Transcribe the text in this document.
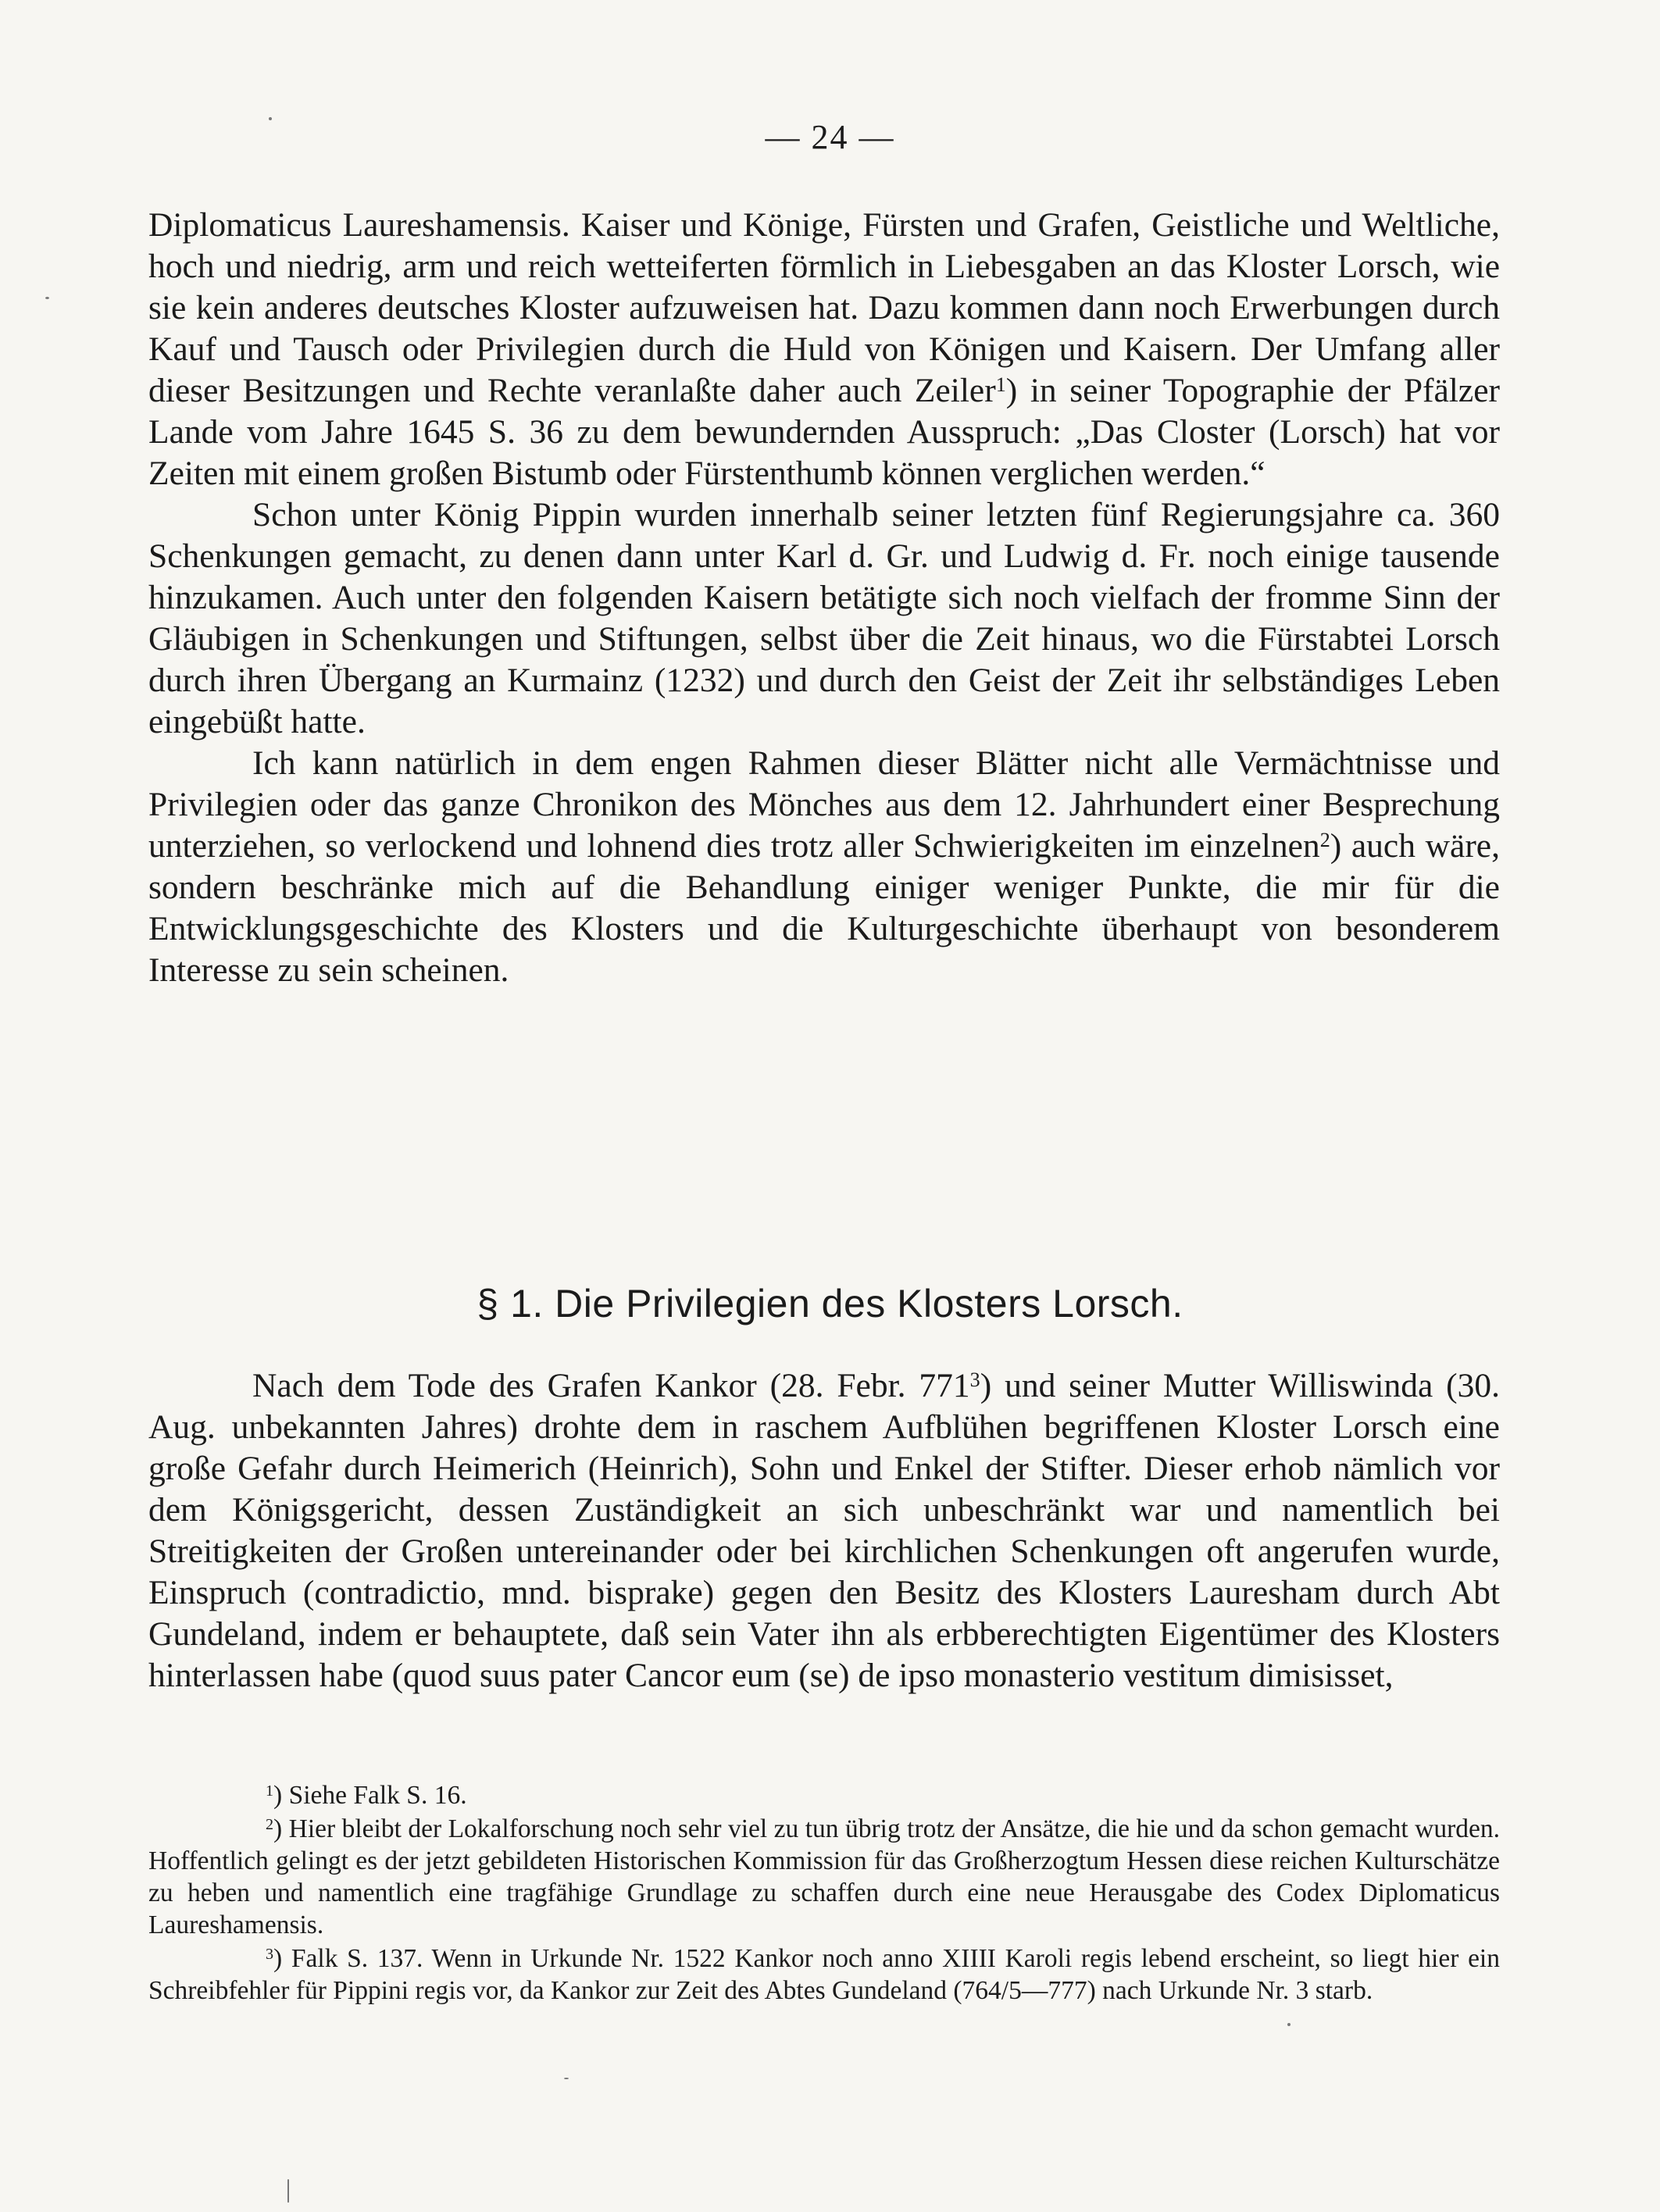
— 24 —

Diplomaticus Laureshamensis. Kaiser und Könige, Fürsten und Grafen, Geistliche und Weltliche, hoch und niedrig, arm und reich wetteiferten förmlich in Liebesgaben an das Kloster Lorsch, wie sie kein anderes deutsches Kloster aufzuweisen hat. Dazu kommen dann noch Erwerbungen durch Kauf und Tausch oder Privilegien durch die Huld von Königen und Kaisern. Der Umfang aller dieser Besitzungen und Rechte veranlaßte daher auch Zeiler$^1$) in seiner Topographie der Pfälzer Lande vom Jahre 1645 S. 36 zu dem bewundernden Ausspruch: „Das Closter (Lorsch) hat vor Zeiten mit einem großen Bistumb oder Fürstenthumb können verglichen werden.“

Schon unter König Pippin wurden innerhalb seiner letzten fünf Regierungsjahre ca. 360 Schenkungen gemacht, zu denen dann unter Karl d. Gr. und Ludwig d. Fr. noch einige tausende hinzukamen. Auch unter den folgenden Kaisern betätigte sich noch vielfach der fromme Sinn der Gläubigen in Schenkungen und Stiftungen, selbst über die Zeit hinaus, wo die Fürstabtei Lorsch durch ihren Übergang an Kurmainz (1232) und durch den Geist der Zeit ihr selbständiges Leben eingebüßt hatte.

Ich kann natürlich in dem engen Rahmen dieser Blätter nicht alle Vermächtnisse und Privilegien oder das ganze Chronikon des Mönches aus dem 12. Jahrhundert einer Besprechung unterziehen, so verlockend und lohnend dies trotz aller Schwierigkeiten im einzelnen$^2$) auch wäre, sondern beschränke mich auf die Behandlung einiger weniger Punkte, die mir für die Entwicklungsgeschichte des Klosters und die Kulturgeschichte überhaupt von besonderem Interesse zu sein scheinen.

§ 1. Die Privilegien des Klosters Lorsch.

Nach dem Tode des Grafen Kankor (28. Febr. $771^3$) und seiner Mutter Williswinda (30. Aug. unbekannten Jahres) drohte dem in raschem Aufblühen begriffenen Kloster Lorsch eine große Gefahr durch Heimerich (Heinrich), Sohn und Enkel der Stifter. Dieser erhob nämlich vor dem Königsgericht, dessen Zuständigkeit an sich unbeschränkt war und namentlich bei Streitigkeiten der Großen untereinander oder bei kirchlichen Schenkungen oft angerufen wurde, Einspruch (contradictio, mnd. bisprake) gegen den Besitz des Klosters Lauresham durch Abt Gundeland, indem er behauptete, daß sein Vater ihn als erbberechtigten Eigentümer des Klosters hinterlassen habe (quod suus pater Cancor eum (se) de ipso monasterio vestitum dimisisset,

$^1$) Siehe Falk S. 16.

$^2$) Hier bleibt der Lokalforschung noch sehr viel zu tun übrig trotz der Ansätze, die hie und da schon gemacht wurden. Hoffentlich gelingt es der jetzt gebildeten Historischen Kommission für das Großherzogtum Hessen diese reichen Kulturschätze zu heben und namentlich eine tragfähige Grundlage zu schaffen durch eine neue Herausgabe des Codex Diplomaticus Laureshamensis.

$^3$) Falk S. 137. Wenn in Urkunde Nr. 1522 Kankor noch anno XIIII Karoli regis lebend erscheint, so liegt hier ein Schreibfehler für Pippini regis vor, da Kankor zur Zeit des Abtes Gundeland (764/5—777) nach Urkunde Nr. 3 starb.
